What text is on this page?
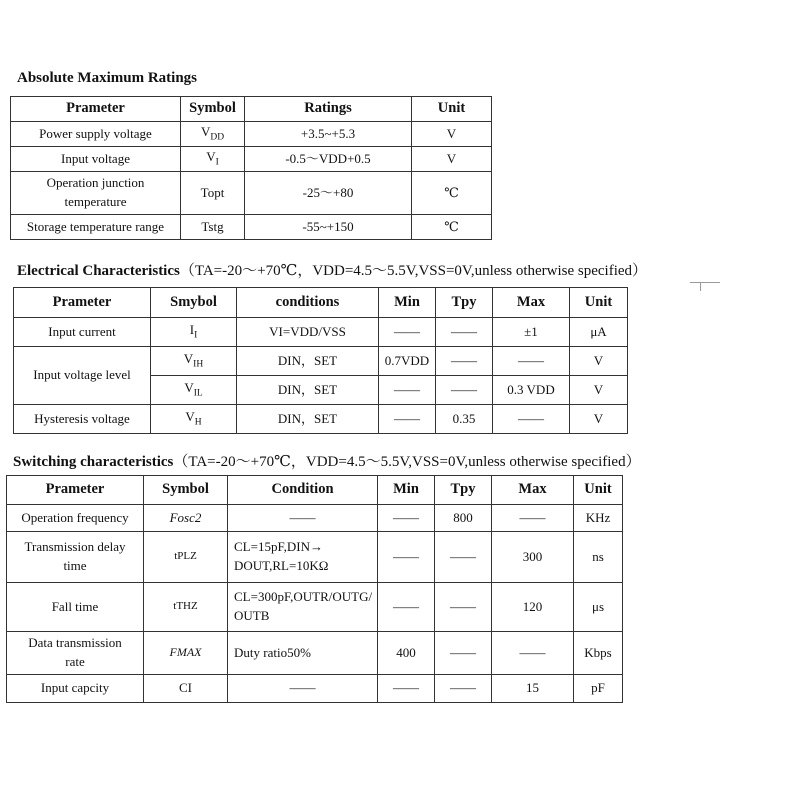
Absolute Maximum Ratings
Prameter	Symbol	Ratings	Unit
Power supply voltage	$V_{DD}$	+3.5~+5.3	V
Input voltage	$V_I$	-0.5～VDD+0.5	V
Operation junction temperature	Topt	-25～+80	℃
Storage temperature range	Tstg	-55~+150	℃
Electrical Characteristics（TA=-20～+70℃，VDD=4.5～5.5V,VSS=0V,unless otherwise specified）
Prameter	Smybol	conditions	Min	Tpy	Max	Unit
Input current	$I_I$	VI=VDD/VSS	——	——	±1	μA
Input voltage level	$V_{IH}$	DIN，SET	0.7VDD	——	——	V
	$V_{IL}$	DIN，SET	——	——	0.3 VDD	V
Hysteresis voltage	$V_H$	DIN，SET	——	0.35	——	V
Switching characteristics（TA=-20～+70℃，VDD=4.5～5.5V,VSS=0V,unless otherwise specified）
Prameter	Symbol	Condition	Min	Tpy	Max	Unit
Operation frequency	Fosc2	——	——	800	——	KHz
Transmission delay time	tPLZ	CL=15pF,DIN→ DOUT,RL=10KΩ	——	——	300	ns
Fall time	tTHZ	CL=300pF,OUTR/OUTG/OUTB	——	——	120	μs
Data transmission rate	FMAX	Duty ratio50%	400	——	——	Kbps
Input capcity	CI	——	——	——	15	pF
